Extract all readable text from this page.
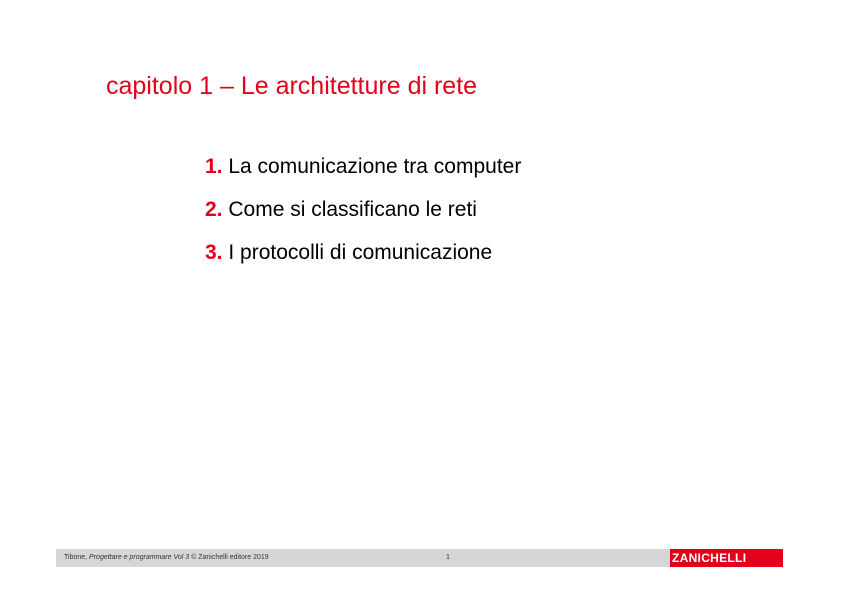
capitolo 1 – Le architetture di rete
1. La comunicazione tra computer
2. Come si classificano le reti
3. I protocolli di comunicazione
Tibone, Progettare e programmare Vol 3 © Zanichelli editore 2019	1	ZANICHELLI
